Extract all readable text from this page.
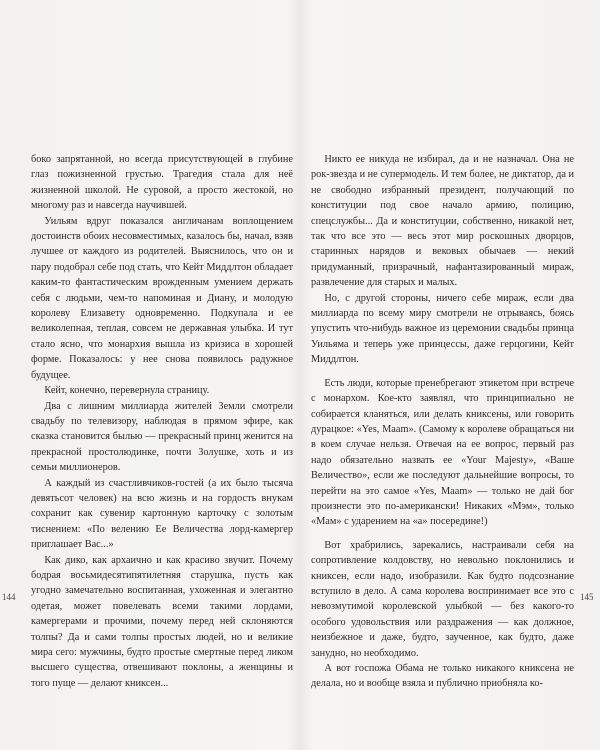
боко запрятанной, но всегда присутствующей в глубине глаз пожизненной грустью. Трагедия стала для неё жизненной школой. Не суровой, а просто жестокой, но многому раз и навсегда научившей.

Уильям вдруг показался англичанам воплощением достоинств обоих несовместимых, казалось бы, начал, взяв лучшее от каждого из родителей. Выяснилось, что он и пару подобрал себе под стать, что Кейт Миддлтон обладает каким-то фантастическим врожденным умением держать себя с людьми, чем-то напоминая и Диану, и молодую королеву Елизавету одновременно. Подкупала и ее великолепная, теплая, совсем не державная улыбка. И тут стало ясно, что монархия вышла из кризиса в хорошей форме. Показалось: у нее снова появилось радужное будущее.

Кейт, конечно, перевернула страницу.

Два с лишним миллиарда жителей Земли смотрели свадьбу по телевизору, наблюдая в прямом эфире, как сказка становится былью — прекрасный принц женится на прекрасной простолюдинке, почти Золушке, хоть и из семьи миллионеров.

А каждый из счастливчиков-гостей (а их было тысяча девятьсот человек) на всю жизнь и на гордость внукам сохранит как сувенир картонную карточку с золотым тиснением: «По велению Ее Величества лорд-камергер приглашает Вас...»

Как дико, как архаично и как красиво звучит. Почему бодрая восьмидесятипятилетняя старушка, пусть как угодно замечательно воспитанная, ухоженная и элегантно одетая, может повелевать всеми такими лордами, камергерами и прочими, почему перед ней склоняются толпы? Да и сами толпы простых людей, но и великие мира сего: мужчины, будто простые смертные перед ликом высшего существа, отвешивают поклоны, а женщины и того пуще — делают книксен...

144

Никто ее никуда не избирал, да и не назначал. Она не рок-звезда и не супермодель. И тем более, не диктатор, да и не свободно избранный президент, получающий по конституции под свое начало армию, полицию, спецслужбы... Да и конституции, собственно, никакой нет, так что все это — весь этот мир роскошных дворцов, старинных нарядов и вековых обычаев — некий придуманный, призрачный, нафантазированный мираж, развлечение для старых и малых.

Но, с другой стороны, ничего себе мираж, если два миллиарда по всему миру смотрели не отрываясь, боясь упустить что-нибудь важное из церемонии свадьбы принца Уильяма и теперь уже принцессы, даже герцогини, Кейт Миддлтон.

Есть люди, которые пренебрегают этикетом при встрече с монархом. Кое-кто заявлял, что принципиально не собирается кланяться, или делать книксены, или говорить дурацкое: «Yes, Maam». (Самому к королеве обращаться ни в коем случае нельзя. Отвечая на ее вопрос, первый раз надо обязательно назвать ее «Your Majesty», «Ваше Величество», если же последуют дальнейшие вопросы, то перейти на это самое «Yes, Maam» — только не дай бог произнести это по-американски! Никаких «Мэм», только «Мам» с ударением на «а» посередине!)

Вот храбрились, зарекались, настраивали себя на сопротивление колдовству, но невольно поклонились и книксен, если надо, изобразили. Как будто подсознание вступило в дело. А сама королева воспринимает все это с невозмутимой королевской улыбкой — без какого-то особого удовольствия или раздражения — как должное, неизбежное и даже, будто, заученное, как будто, даже занудно, но необходимо.

А вот госпожа Обама не только никакого книксена не делала, но и вообще взяла и публично приобняла ко-

145
